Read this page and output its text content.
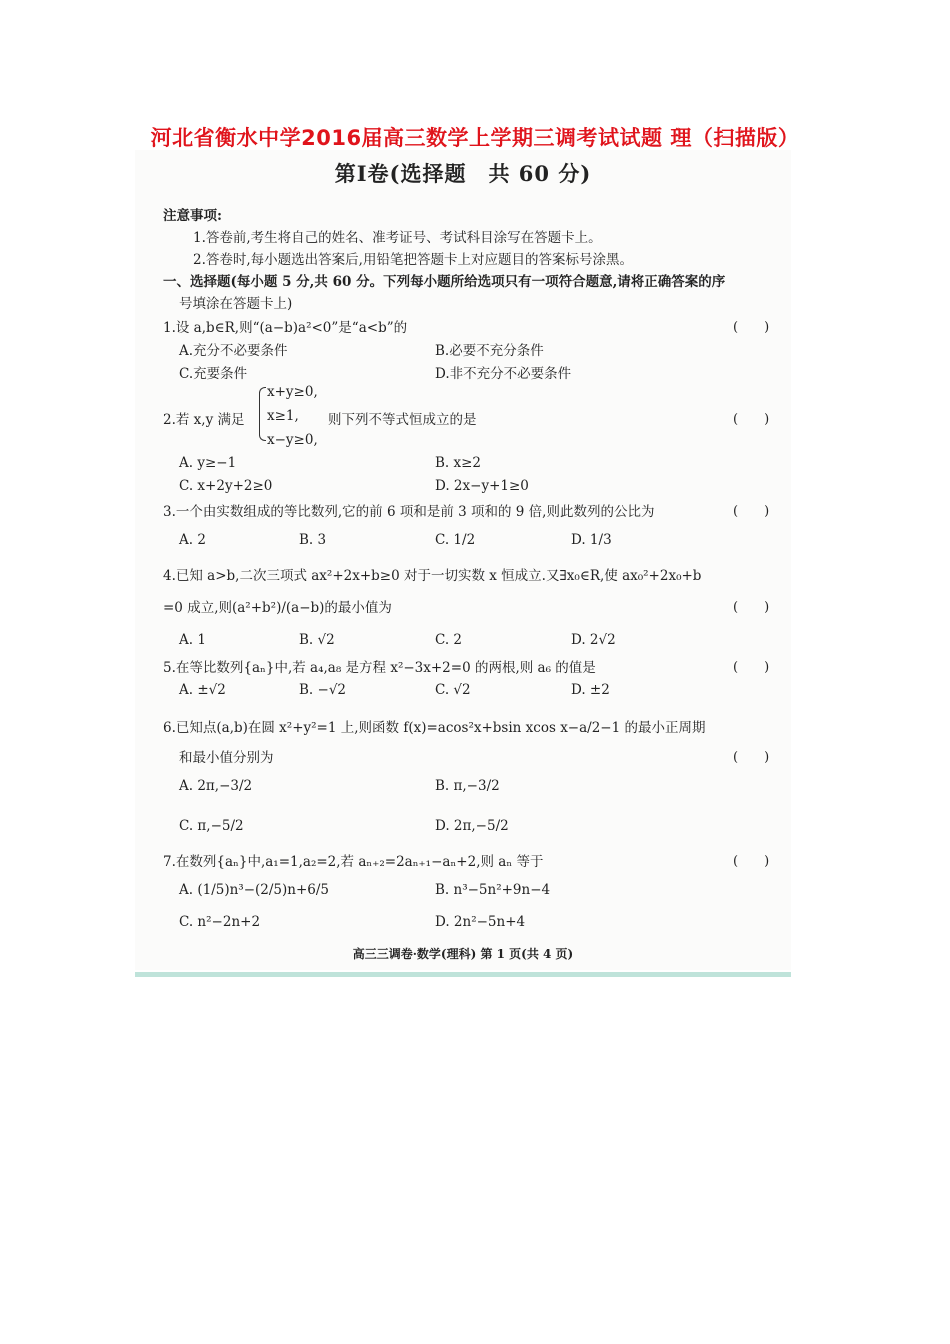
河北省衡水中学2016届高三数学上学期三调考试试题 理（扫描版）
第Ⅰ卷(选择题　共 60 分)
注意事项:
1.答卷前,考生将自己的姓名、准考证号、考试科目涂写在答题卡上。
2.答卷时,每小题选出答案后,用铅笔把答题卡上对应题目的答案标号涂黑。
一、选择题(每小题 5 分,共 60 分。下列每小题所给选项只有一项符合题意,请将正确答案的序
号填涂在答题卡上)
1.设 a,b∈R,则“(a−b)a²<0”是“a<b”的	(　　)
A.充分不必要条件	B.必要不充分条件
C.充要条件	D.非不充分不必要条件
x+y≥0,
2.若 x,y 满足 x≥1, 则下列不等式恒成立的是	(　　)
x−y≥0,
A. y≥−1	B. x≥2
C. x+2y+2≥0	D. 2x−y+1≥0
3.一个由实数组成的等比数列,它的前 6 项和是前 3 项和的 9 倍,则此数列的公比为	(　　)
A. 2	B. 3	C. 1/2	D. 1/3
4.已知 a>b,二次三项式 ax²+2x+b≥0 对于一切实数 x 恒成立.又∃x₀∈R,使 ax₀²+2x₀+b
=0 成立,则(a²+b²)/(a−b)的最小值为	(　　)
A. 1	B. √2	C. 2	D. 2√2
5.在等比数列{aₙ}中,若 a₄,a₈ 是方程 x²−3x+2=0 的两根,则 a₆ 的值是	(　　)
A. ±√2	B. −√2	C. √2	D. ±2
6.已知点(a,b)在圆 x²+y²=1 上,则函数 f(x)=acos²x+bsin xcos x−a/2−1 的最小正周期
和最小值分别为	(　　)
A. 2π,−3/2	B. π,−3/2
C. π,−5/2	D. 2π,−5/2
7.在数列{aₙ}中,a₁=1,a₂=2,若 aₙ₊₂=2aₙ₊₁−aₙ+2,则 aₙ 等于	(　　)
A. (1/5)n³−(2/5)n+6/5	B. n³−5n²+9n−4
C. n²−2n+2	D. 2n²−5n+4
高三三调卷·数学(理科) 第 1 页(共 4 页)
